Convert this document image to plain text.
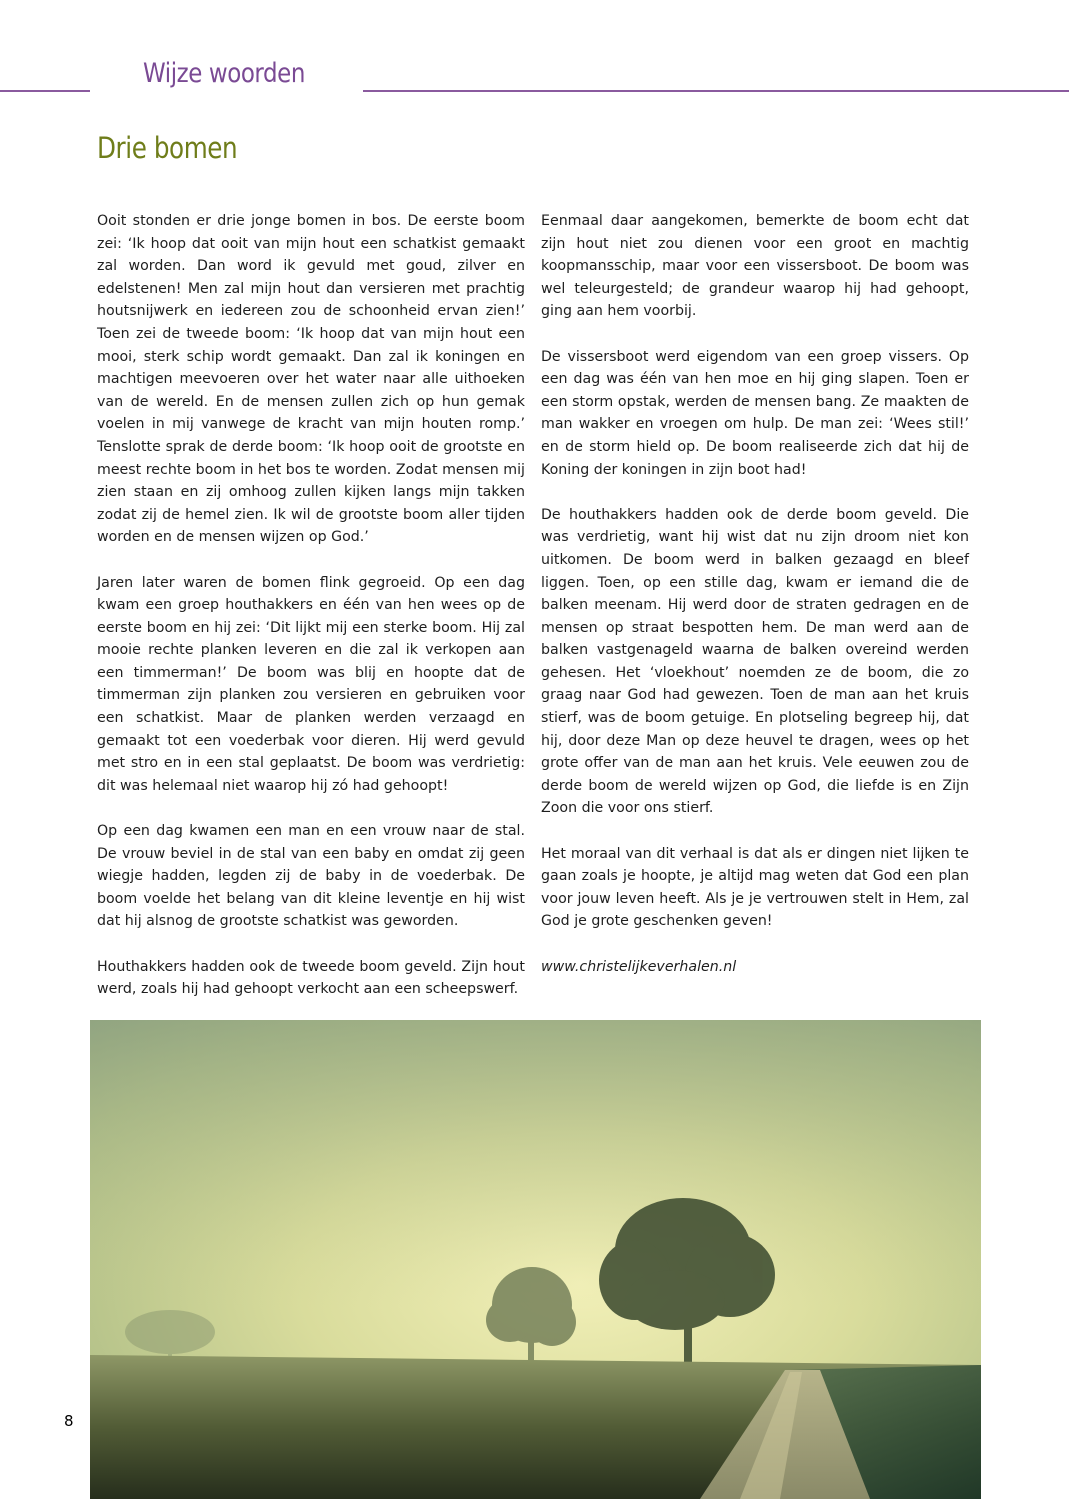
Wijze woorden
Drie bomen

Ooit stonden er drie jonge bomen in bos. De eerste boom zei: ‘Ik hoop dat ooit van mijn hout een schatkist gemaakt zal worden. Dan word ik gevuld met goud, zilver en edelstenen! Men zal mijn hout dan versieren met prachtig houtsnijwerk en iedereen zou de schoonheid ervan zien!’ Toen zei de tweede boom: ‘Ik hoop dat van mijn hout een mooi, sterk schip wordt gemaakt. Dan zal ik koningen en machtigen meevoeren over het water naar alle uithoeken van de wereld. En de mensen zullen zich op hun gemak voelen in mij vanwege de kracht van mijn houten romp.’ Tenslotte sprak de derde boom: ‘Ik hoop ooit de grootste en meest rechte boom in het bos te worden. Zodat mensen mij zien staan en zij omhoog zullen kijken langs mijn takken zodat zij de hemel zien. Ik wil de grootste boom aller tijden worden en de mensen wijzen op God.’

Jaren later waren de bomen flink gegroeid. Op een dag kwam een groep houthakkers en één van hen wees op de eerste boom en hij zei: ‘Dit lijkt mij een sterke boom. Hij zal mooie rechte planken leveren en die zal ik verkopen aan een timmerman!’ De boom was blij en hoopte dat de timmerman zijn planken zou versieren en gebruiken voor een schatkist. Maar de planken werden verzaagd en gemaakt tot een voederbak voor dieren. Hij werd gevuld met stro en in een stal geplaatst. De boom was verdrietig: dit was helemaal niet waarop hij zó had gehoopt!

Op een dag kwamen een man en een vrouw naar de stal. De vrouw beviel in de stal van een baby en omdat zij geen wiegje hadden, legden zij de baby in de voederbak. De boom voelde het belang van dit kleine leventje en hij wist dat hij alsnog de grootste schatkist was geworden.

Houthakkers hadden ook de tweede boom geveld. Zijn hout werd, zoals hij had gehoopt verkocht aan een scheepswerf.

Eenmaal daar aangekomen, bemerkte de boom echt dat zijn hout niet zou dienen voor een groot en machtig koopmansschip, maar voor een vissersboot. De boom was wel teleurgesteld; de grandeur waarop hij had gehoopt, ging aan hem voorbij.

De vissersboot werd eigendom van een groep vissers. Op een dag was één van hen moe en hij ging slapen. Toen er een storm opstak, werden de mensen bang. Ze maakten de man wakker en vroegen om hulp. De man zei: ‘Wees stil!’ en de storm hield op. De boom realiseerde zich dat hij de Koning der koningen in zijn boot had!

De houthakkers hadden ook de derde boom geveld. Die was verdrietig, want hij wist dat nu zijn droom niet kon uitkomen. De boom werd in balken gezaagd en bleef liggen. Toen, op een stille dag, kwam er iemand die de balken meenam. Hij werd door de straten gedragen en de mensen op straat bespotten hem. De man werd aan de balken vastgenageld waarna de balken overeind werden gehesen. Het ‘vloekhout’ noemden ze de boom, die zo graag naar God had gewezen. Toen de man aan het kruis stierf, was de boom getuige. En plotseling begreep hij, dat hij, door deze Man op deze heuvel te dragen, wees op het grote offer van de man aan het kruis. Vele eeuwen zou de derde boom de wereld wijzen op God, die liefde is en Zijn Zoon die voor ons stierf.

Het moraal van dit verhaal is dat als er dingen niet lijken te gaan zoals je hoopte, je altijd mag weten dat God een plan voor jouw leven heeft. Als je je vertrouwen stelt in Hem, zal God je grote geschenken geven!

www.christelijkeverhalen.nl

8
